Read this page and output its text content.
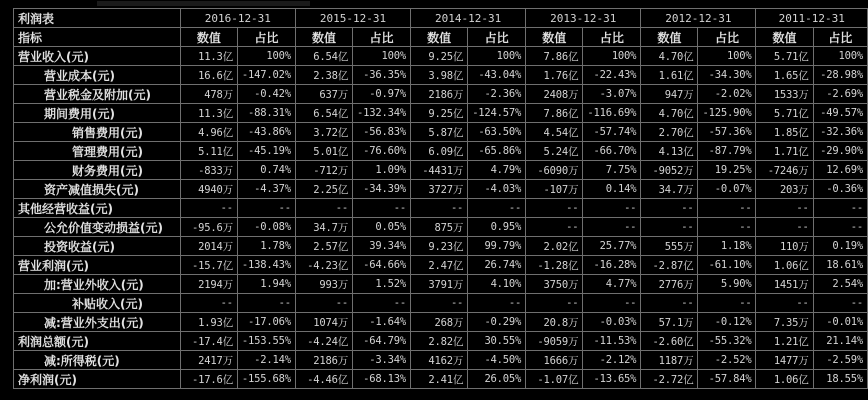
利润表	2016-12-31		2015-12-31		2014-12-31		2013-12-31		2012-12-31		2011-12-31	
指标	数值	占比	数值	占比	数值	占比	数值	占比	数值	占比	数值	占比
营业收入(元)	11.3亿	100%	6.54亿	100%	9.25亿	100%	7.86亿	100%	4.70亿	100%	5.71亿	100%
营业成本(元)	16.6亿	-147.02%	2.38亿	-36.35%	3.98亿	-43.04%	1.76亿	-22.43%	1.61亿	-34.30%	1.65亿	-28.98%
营业税金及附加(元)	478万	-0.42%	637万	-0.97%	2186万	-2.36%	2408万	-3.07%	947万	-2.02%	1533万	-2.69%
期间费用(元)	11.3亿	-88.31%	6.54亿	-132.34%	9.25亿	-124.57%	7.86亿	-116.69%	4.70亿	-125.90%	5.71亿	-49.57%
销售费用(元)	4.96亿	-43.86%	3.72亿	-56.83%	5.87亿	-63.50%	4.54亿	-57.74%	2.70亿	-57.36%	1.85亿	-32.36%
管理费用(元)	5.11亿	-45.19%	5.01亿	-76.60%	6.09亿	-65.86%	5.24亿	-66.70%	4.13亿	-87.79%	1.71亿	-29.90%
财务费用(元)	-833万	0.74%	-712万	1.09%	-4431万	4.79%	-6090万	7.75%	-9052万	19.25%	-7246万	12.69%
资产减值损失(元)	4940万	-4.37%	2.25亿	-34.39%	3727万	-4.03%	-107万	0.14%	34.7万	-0.07%	203万	-0.36%
其他经营收益(元)	--	--	--	--	--	--	--	--	--	--	--	--
公允价值变动损益(元)	-95.6万	-0.08%	34.7万	0.05%	875万	0.95%	--	--	--	--	--	--
投资收益(元)	2014万	1.78%	2.57亿	39.34%	9.23亿	99.79%	2.02亿	25.77%	555万	1.18%	110万	0.19%
营业利润(元)	-15.7亿	-138.43%	-4.23亿	-64.66%	2.47亿	26.74%	-1.28亿	-16.28%	-2.87亿	-61.10%	1.06亿	18.61%
加:营业外收入(元)	2194万	1.94%	993万	1.52%	3791万	4.10%	3750万	4.77%	2776万	5.90%	1451万	2.54%
补贴收入(元)	--	--	--	--	--	--	--	--	--	--	--	--
减:营业外支出(元)	1.93亿	-17.06%	1074万	-1.64%	268万	-0.29%	20.8万	-0.03%	57.1万	-0.12%	7.35万	-0.01%
利润总额(元)	-17.4亿	-153.55%	-4.24亿	-64.79%	2.82亿	30.55%	-9059万	-11.53%	-2.60亿	-55.32%	1.21亿	21.14%
减:所得税(元)	2417万	-2.14%	2186万	-3.34%	4162万	-4.50%	1666万	-2.12%	1187万	-2.52%	1477万	-2.59%
净利润(元)	-17.6亿	-155.68%	-4.46亿	-68.13%	2.41亿	26.05%	-1.07亿	-13.65%	-2.72亿	-57.84%	1.06亿	18.55%
